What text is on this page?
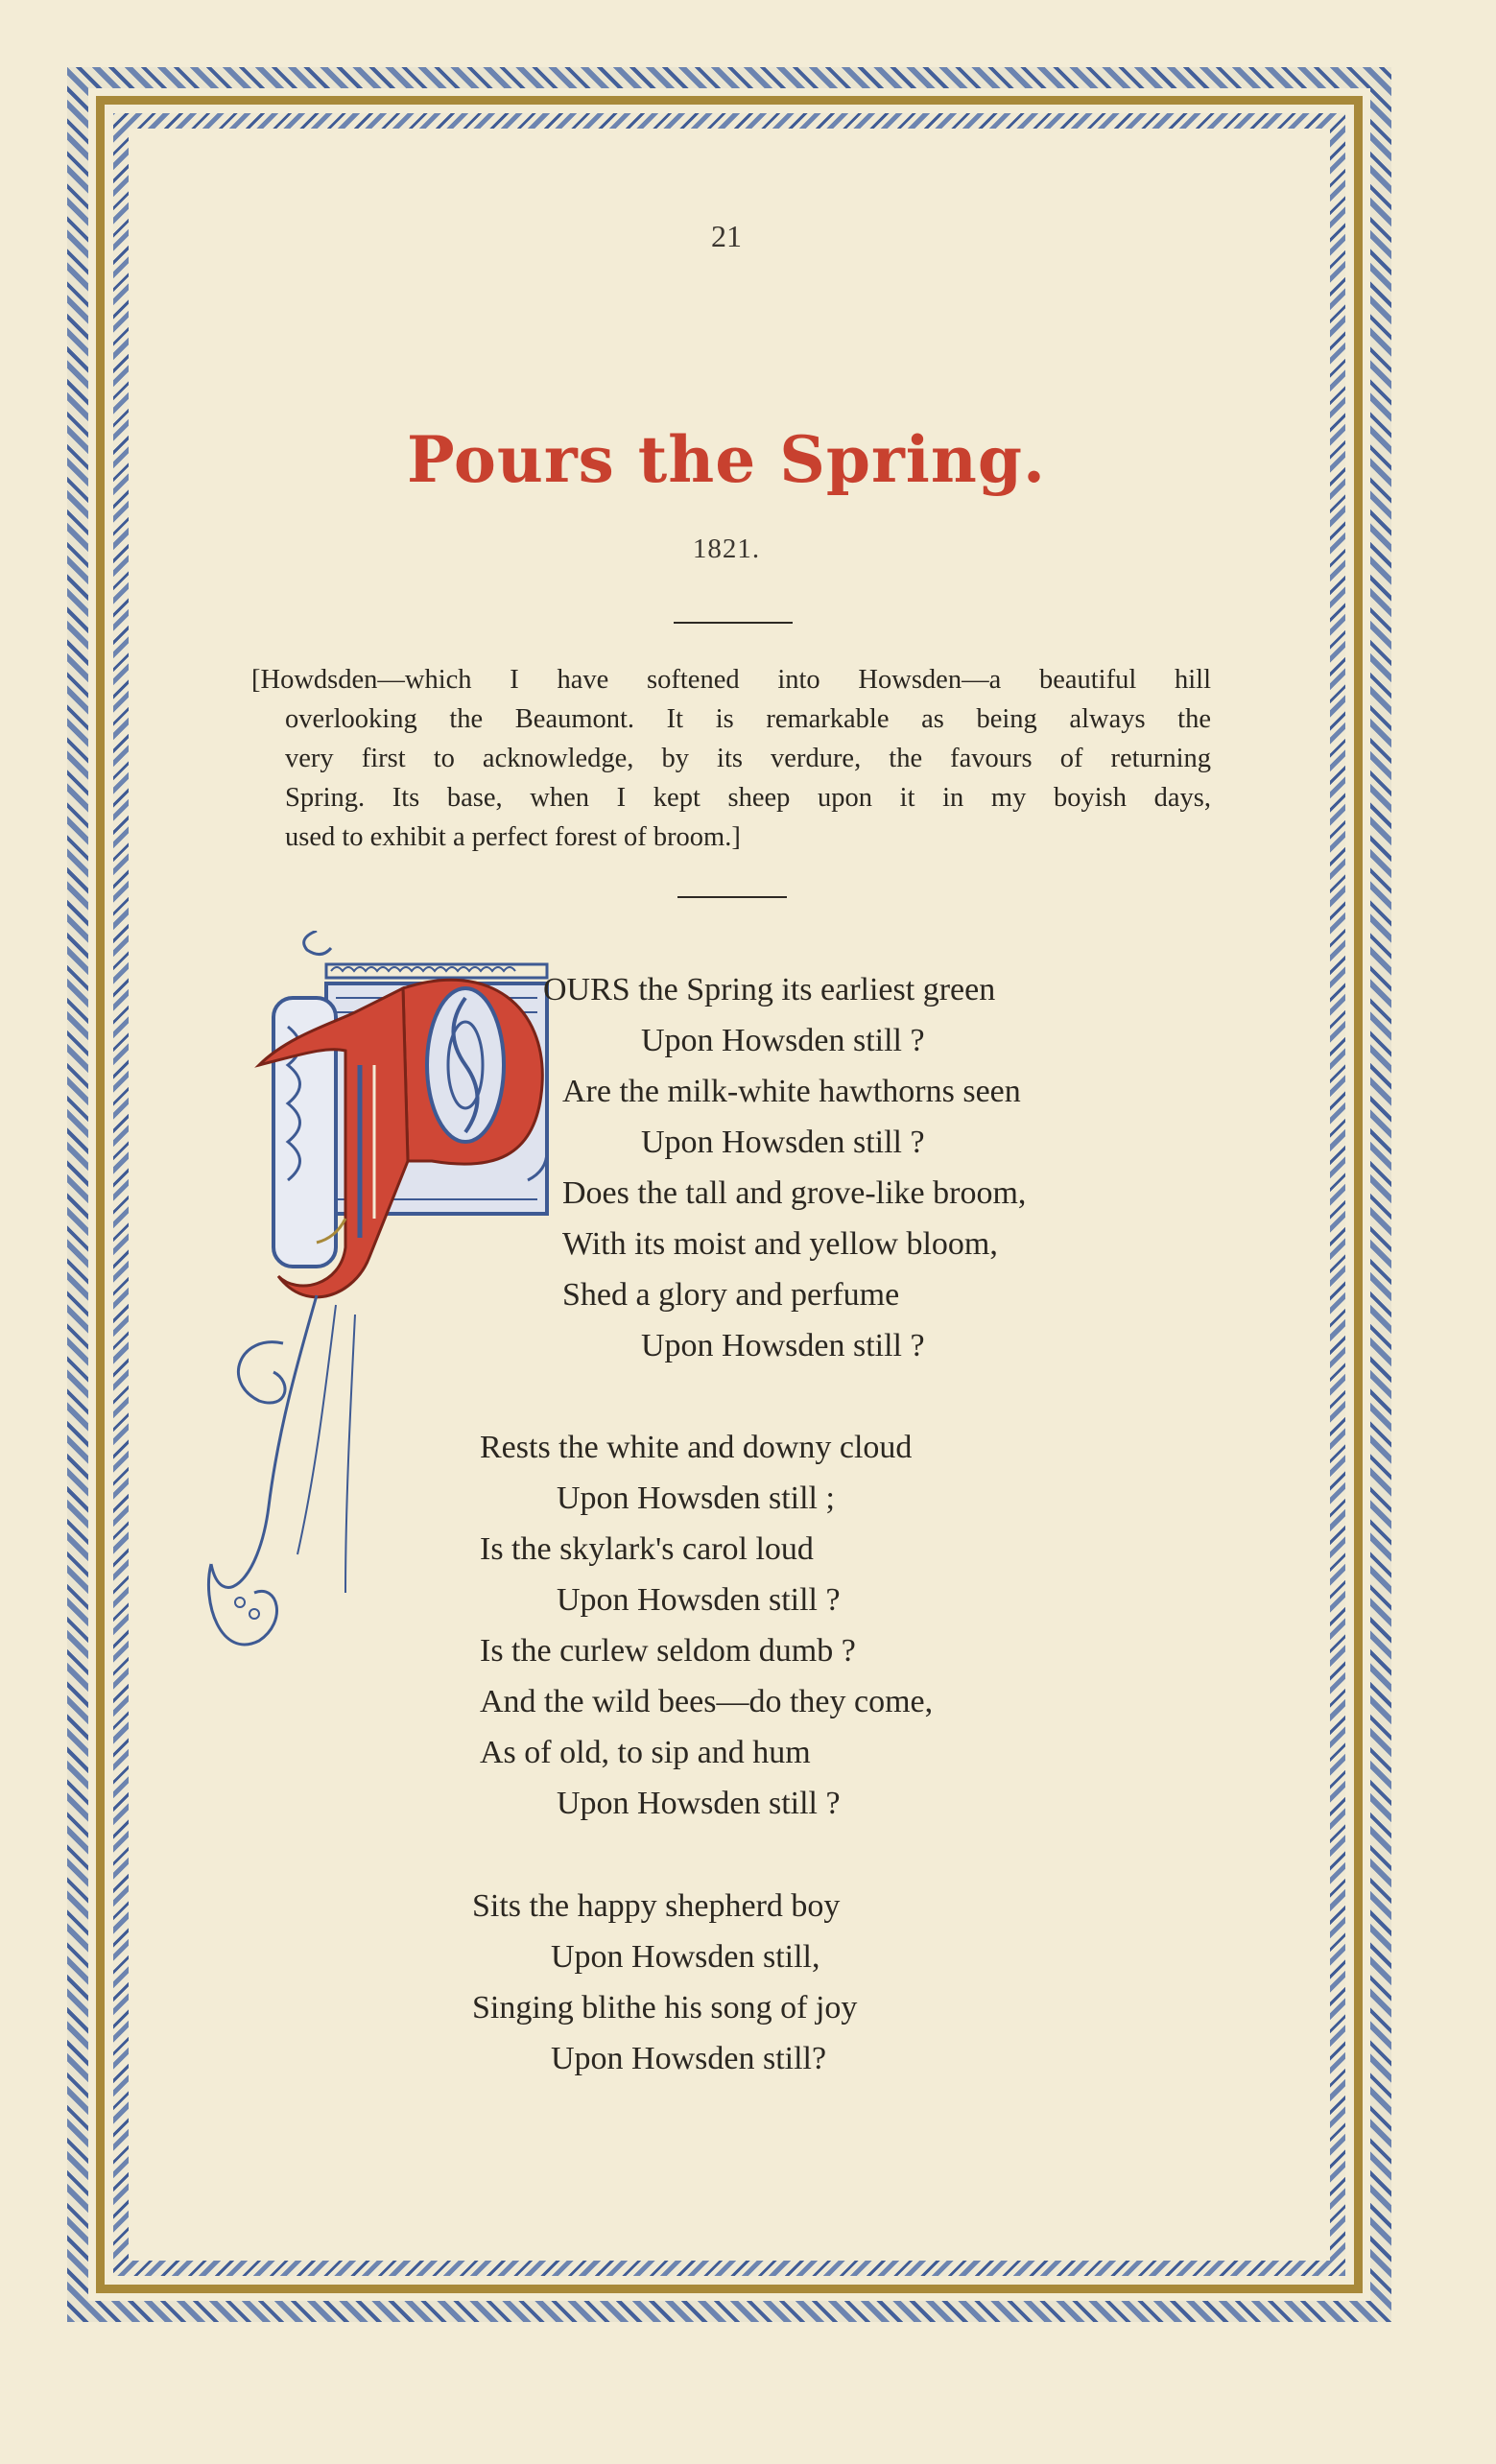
21
Pours the Spring.
1821.
[Howdsden—which I have softened into Howsden—a beautiful hill
overlooking the Beaumont. It is remarkable as being always the
very first to acknowledge, by its verdure, the favours of returning
Spring. Its base, when I kept sheep upon it in my boyish days,
used to exhibit a perfect forest of broom.]
OURS the Spring its earliest green
Upon Howsden still ?
Are the milk-white hawthorns seen
Upon Howsden still ?
Does the tall and grove-like broom,
With its moist and yellow bloom,
Shed a glory and perfume
Upon Howsden still ?
Rests the white and downy cloud
Upon Howsden still ;
Is the skylark's carol loud
Upon Howsden still ?
Is the curlew seldom dumb ?
And the wild bees—do they come,
As of old, to sip and hum
Upon Howsden still ?
Sits the happy shepherd boy
Upon Howsden still,
Singing blithe his song of joy
Upon Howsden still?
